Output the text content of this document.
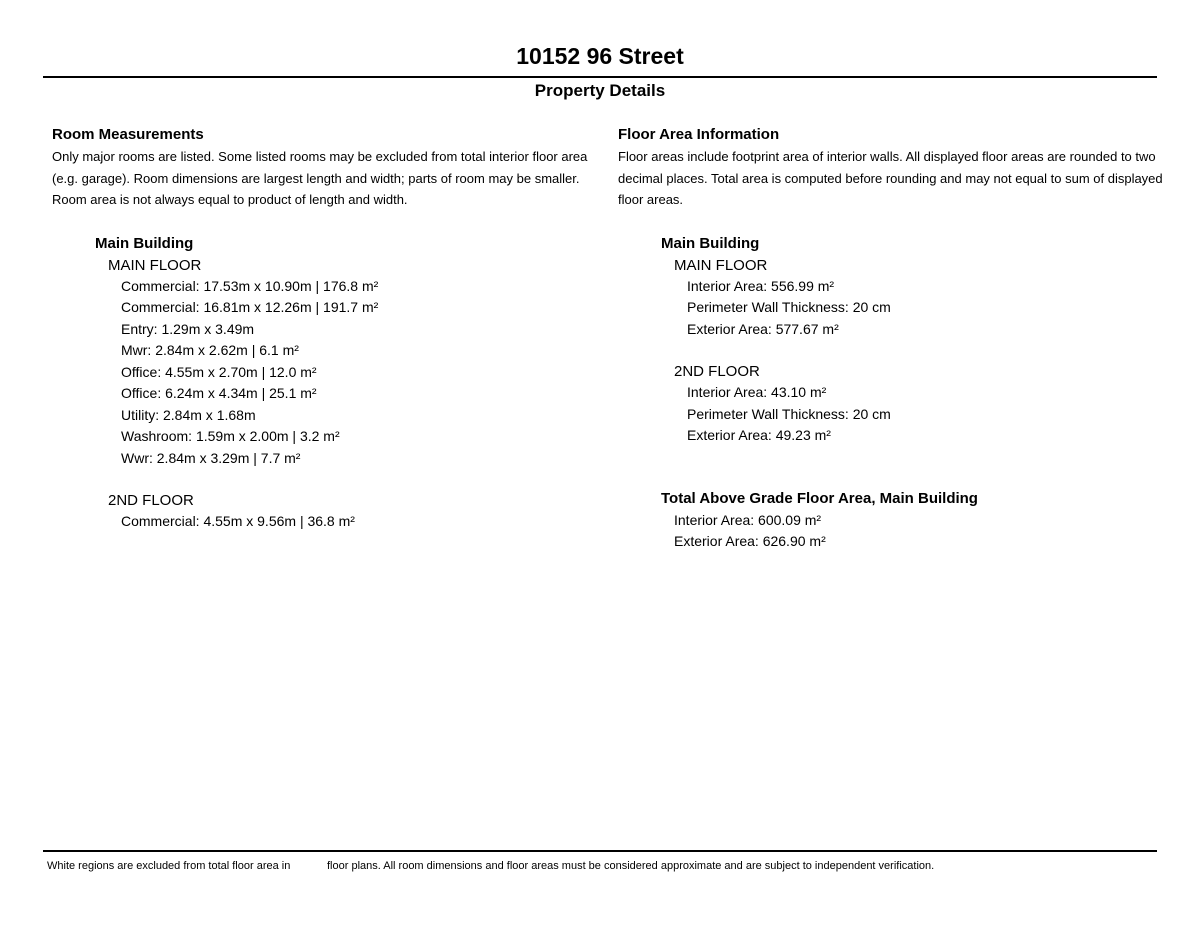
10152 96 Street
Property Details

Room Measurements

Only major rooms are listed. Some listed rooms may be excluded from total interior floor area (e.g. garage). Room dimensions are largest length and width; parts of room may be smaller. Room area is not always equal to product of length and width.

Main Building
MAIN FLOOR
Commercial: 17.53m x 10.90m | 176.8 m²
Commercial: 16.81m x 12.26m | 191.7 m²
Entry: 1.29m x 3.49m
Mwr: 2.84m x 2.62m | 6.1 m²
Office: 4.55m x 2.70m | 12.0 m²
Office: 6.24m x 4.34m | 25.1 m²
Utility: 2.84m x 1.68m
Washroom: 1.59m x 2.00m | 3.2 m²
Wwr: 2.84m x 3.29m | 7.7 m²
2ND FLOOR
Commercial: 4.55m x 9.56m | 36.8 m²

Floor Area Information

Floor areas include footprint area of interior walls. All displayed floor areas are rounded to two decimal places. Total area is computed before rounding and may not equal to sum of displayed floor areas.

Main Building
MAIN FLOOR
Interior Area: 556.99 m²
Perimeter Wall Thickness: 20 cm
Exterior Area: 577.67 m²
2ND FLOOR
Interior Area: 43.10 m²
Perimeter Wall Thickness: 20 cm
Exterior Area: 49.23 m²
Total Above Grade Floor Area, Main Building
Interior Area: 600.09 m²
Exterior Area: 626.90 m²
White regions are excluded from total floor area in	floor plans. All room dimensions and floor areas must be considered approximate and are subject to independent verification.
